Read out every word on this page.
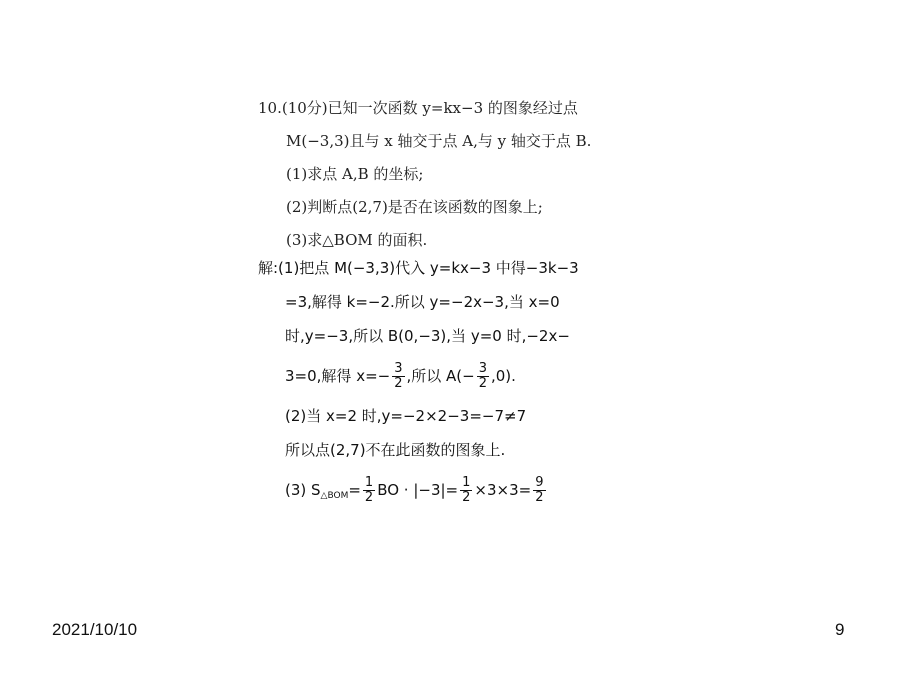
10.(10分)已知一次函数 y=kx−3 的图象经过点
M(−3,3)且与 x 轴交于点 A,与 y 轴交于点 B.
(1)求点 A,B 的坐标;
(2)判断点(2,7)是否在该函数的图象上;
(3)求△BOM 的面积.
解:(1)把点 M(−3,3)代入 y=kx−3 中得−3k−3
=3,解得 k=−2.所以 y=−2x−3,当 x=0
时,y=−3,所以 B(0,−3),当 y=0 时,−2x−
3=0,解得 $x=- \frac{3}{2}$ ,所以 $A(- \frac{3}{2} ,0)$.
(2)当 x=2 时,y=−2×2−3=−7≠7
所以点(2,7)不在此函数的图象上.
(3) $S_{\triangle BOM}= \frac{1}{2}$ BO · $|-3|= \frac{1}{2} \times 3\times 3= \frac{9}{2}$
2021/10/10	9
